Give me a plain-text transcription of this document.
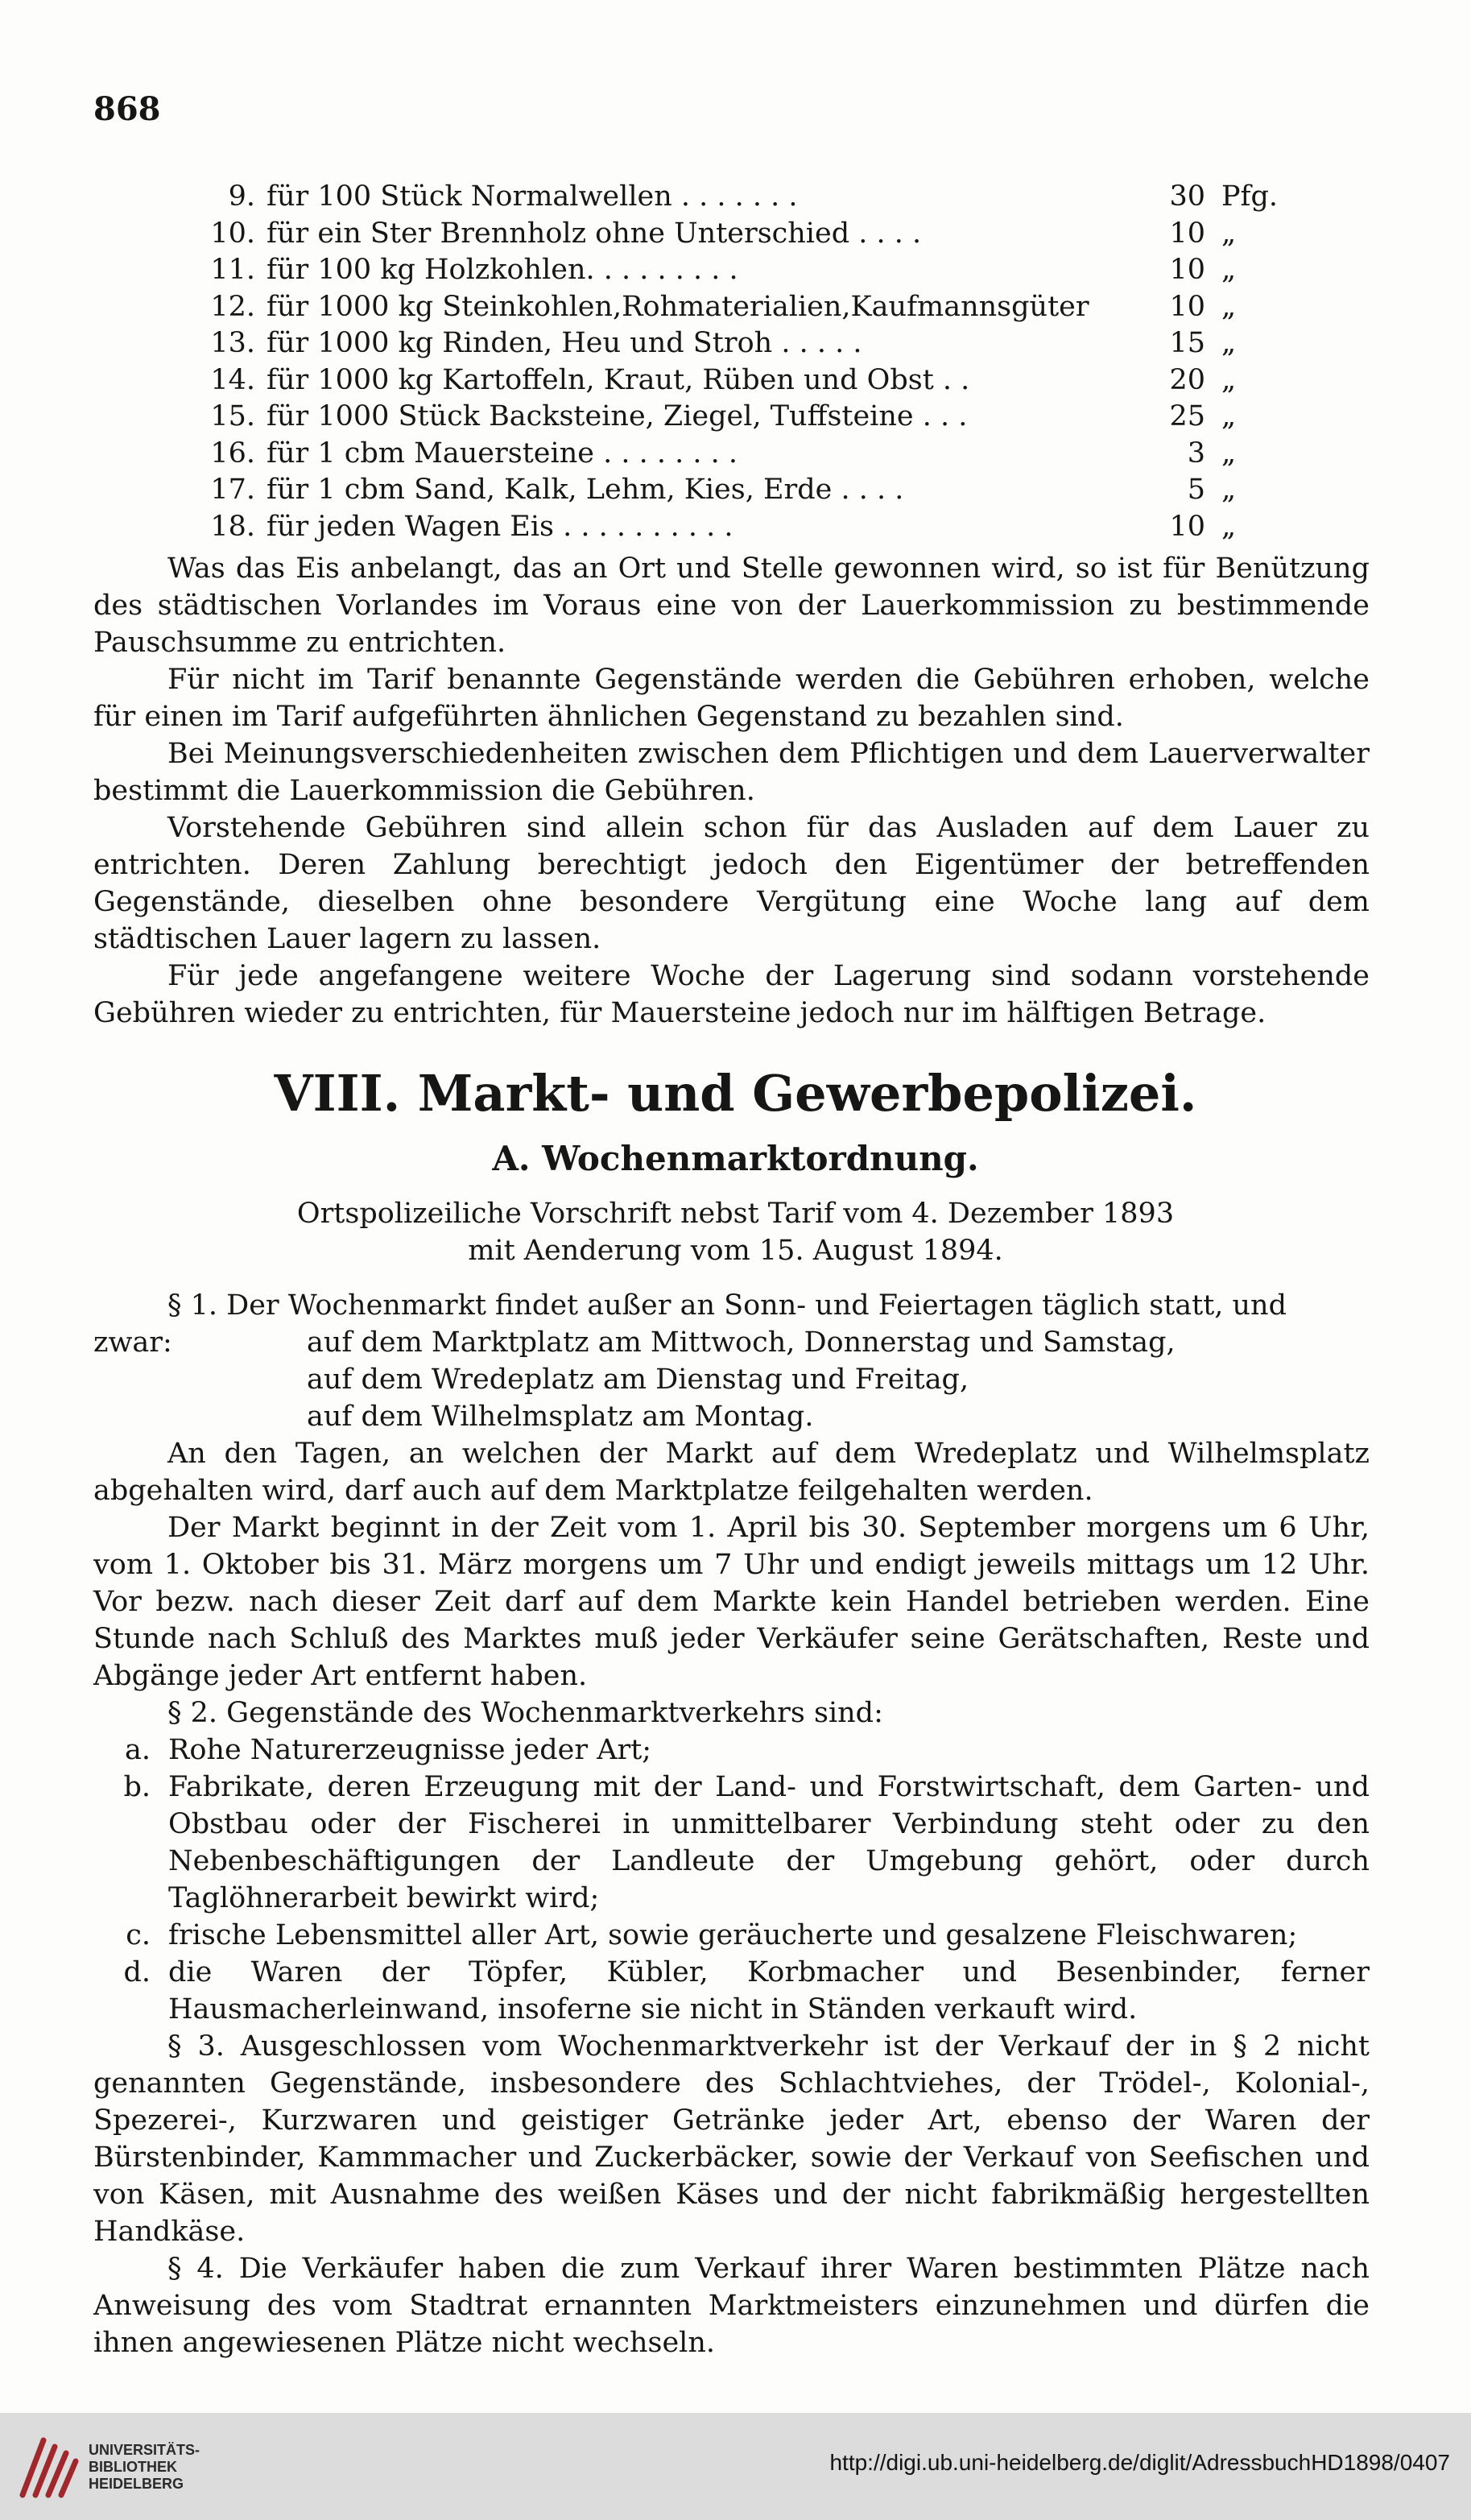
868
9. für 100 Stück Normalwellen . . . . . . .	30 Pfg.
10. für ein Ster Brennholz ohne Unterschied . . . .	10 „
11. für 100 kg Holzkohlen. . . . . . . . .	10 „
12. für 1000 kg Steinkohlen,Rohmaterialien,Kaufmannsgüter	10 „
13. für 1000 kg Rinden, Heu und Stroh . . . . .	15 „
14. für 1000 kg Kartoffeln, Kraut, Rüben und Obst . .	20 „
15. für 1000 Stück Backsteine, Ziegel, Tuffsteine . . .	25 „
16. für 1 cbm Mauersteine . . . . . . . .	3 „
17. für 1 cbm Sand, Kalk, Lehm, Kies, Erde . . . .	5 „
18. für jeden Wagen Eis . . . . . . . . . .	10 „

Was das Eis anbelangt, das an Ort und Stelle gewonnen wird, so ist für Benützung des städtischen Vorlandes im Voraus eine von der Lauerkommission zu bestimmende Pauschsumme zu entrichten.

Für nicht im Tarif benannte Gegenstände werden die Gebühren erhoben, welche für einen im Tarif aufgeführten ähnlichen Gegenstand zu bezahlen sind.

Bei Meinungsverschiedenheiten zwischen dem Pflichtigen und dem Lauerverwalter bestimmt die Lauerkommission die Gebühren.

Vorstehende Gebühren sind allein schon für das Ausladen auf dem Lauer zu entrichten. Deren Zahlung berechtigt jedoch den Eigentümer der betreffenden Gegenstände, dieselben ohne besondere Vergütung eine Woche lang auf dem städtischen Lauer lagern zu lassen.

Für jede angefangene weitere Woche der Lagerung sind sodann vorstehende Gebühren wieder zu entrichten, für Mauersteine jedoch nur im hälftigen Betrage.

VIII. Markt- und Gewerbepolizei.
A. Wochenmarktordnung.
Ortspolizeiliche Vorschrift nebst Tarif vom 4. Dezember 1893
mit Aenderung vom 15. August 1894.

§ 1. Der Wochenmarkt findet außer an Sonn- und Feiertagen täglich statt, und

zwar:	auf dem Marktplatz am Mittwoch, Donnerstag und Samstag,

auf dem Wredeplatz am Dienstag und Freitag,

auf dem Wilhelmsplatz am Montag.

An den Tagen, an welchen der Markt auf dem Wredeplatz und Wilhelmsplatz abgehalten wird, darf auch auf dem Marktplatze feilgehalten werden.

Der Markt beginnt in der Zeit vom 1. April bis 30. September morgens um 6 Uhr, vom 1. Oktober bis 31. März morgens um 7 Uhr und endigt jeweils mittags um 12 Uhr. Vor bezw. nach dieser Zeit darf auf dem Markte kein Handel betrieben werden. Eine Stunde nach Schluß des Marktes muß jeder Verkäufer seine Gerätschaften, Reste und Abgänge jeder Art entfernt haben.

§ 2. Gegenstände des Wochenmarktverkehrs sind:

a. Rohe Naturerzeugnisse jeder Art;
b. Fabrikate, deren Erzeugung mit der Land- und Forstwirtschaft, dem Garten- und Obstbau oder der Fischerei in unmittelbarer Verbindung steht oder zu den Nebenbeschäftigungen der Landleute der Umgebung gehört, oder durch Taglöhnerarbeit bewirkt wird;
c. frische Lebensmittel aller Art, sowie geräucherte und gesalzene Fleischwaren;
d. die Waren der Töpfer, Kübler, Korbmacher und Besenbinder, ferner Hausmacherleinwand, insoferne sie nicht in Ständen verkauft wird.

§ 3. Ausgeschlossen vom Wochenmarktverkehr ist der Verkauf der in § 2 nicht genannten Gegenstände, insbesondere des Schlachtviehes, der Trödel-, Kolonial-, Spezerei-, Kurzwaren und geistiger Getränke jeder Art, ebenso der Waren der Bürstenbinder, Kammmacher und Zuckerbäcker, sowie der Verkauf von Seefischen und von Käsen, mit Ausnahme des weißen Käses und der nicht fabrikmäßig hergestellten Handkäse.

§ 4. Die Verkäufer haben die zum Verkauf ihrer Waren bestimmten Plätze nach Anweisung des vom Stadtrat ernannten Marktmeisters einzunehmen und dürfen die ihnen angewiesenen Plätze nicht wechseln.

UNIVERSITÄTS-
BIBLIOTHEK
HEIDELBERG
http://digi.ub.uni-heidelberg.de/diglit/AdressbuchHD1898/0407
